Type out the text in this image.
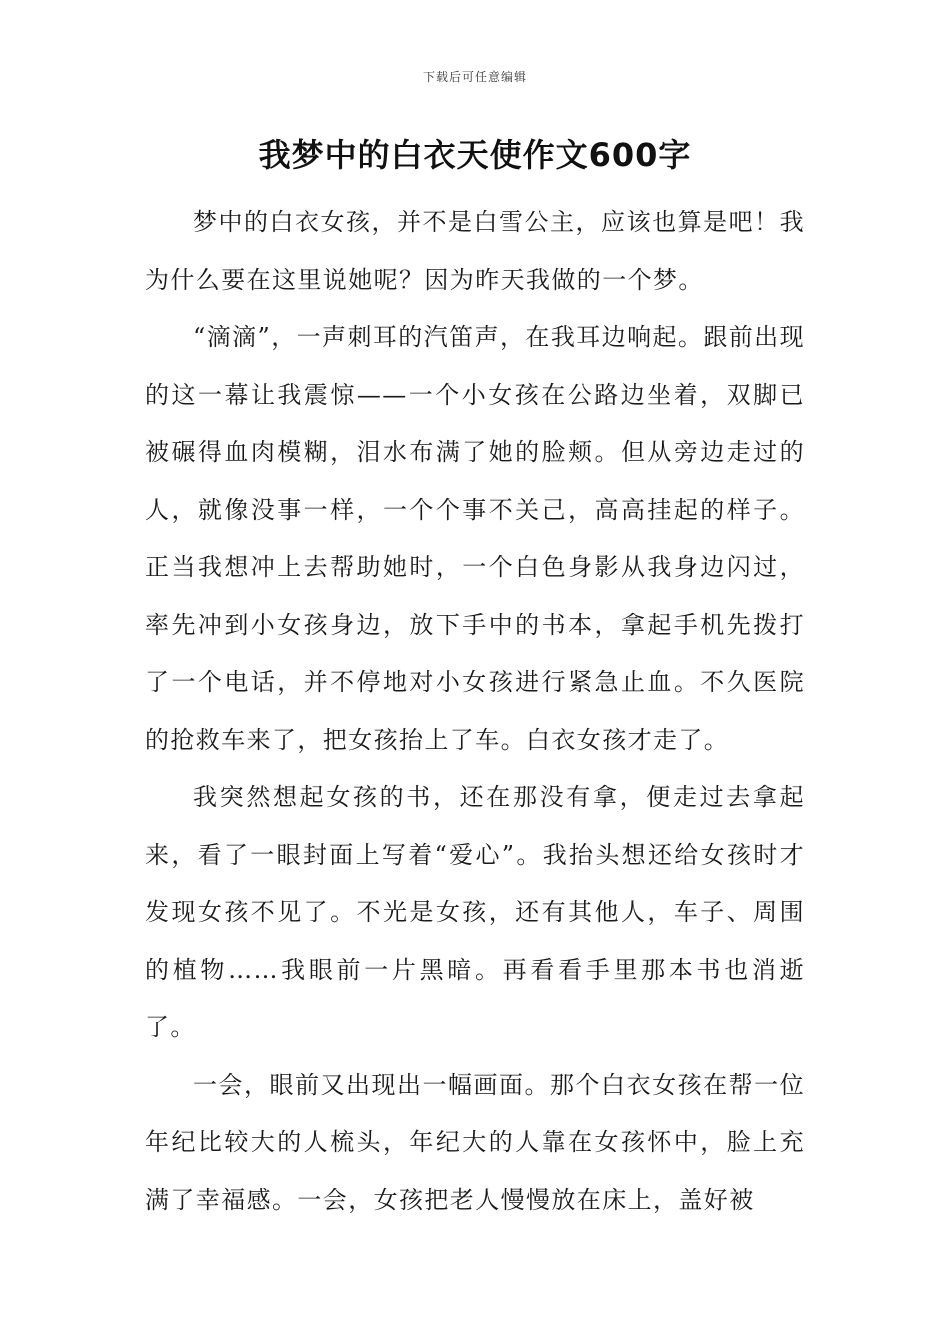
下载后可任意编辑
我梦中的白衣天使作文600字

梦中的白衣女孩，并不是白雪公主，应该也算是吧！我为什么要在这里说她呢？因为昨天我做的一个梦。

“滴滴”，一声刺耳的汽笛声，在我耳边响起。跟前出现的这一幕让我震惊——一个小女孩在公路边坐着，双脚已被碾得血肉模糊，泪水布满了她的脸颊。但从旁边走过的人，就像没事一样，一个个事不关己，高高挂起的样子。正当我想冲上去帮助她时，一个白色身影从我身边闪过，率先冲到小女孩身边，放下手中的书本，拿起手机先拨打了一个电话，并不停地对小女孩进行紧急止血。不久医院的抢救车来了，把女孩抬上了车。白衣女孩才走了。

我突然想起女孩的书，还在那没有拿，便走过去拿起来，看了一眼封面上写着“爱心”。我抬头想还给女孩时才发现女孩不见了。不光是女孩，还有其他人，车子、周围的植物……我眼前一片黑暗。再看看手里那本书也消逝了。

一会，眼前又出现出一幅画面。那个白衣女孩在帮一位年纪比较大的人梳头，年纪大的人靠在女孩怀中，脸上充满了幸福感。一会，女孩把老人慢慢放在床上，盖好被
